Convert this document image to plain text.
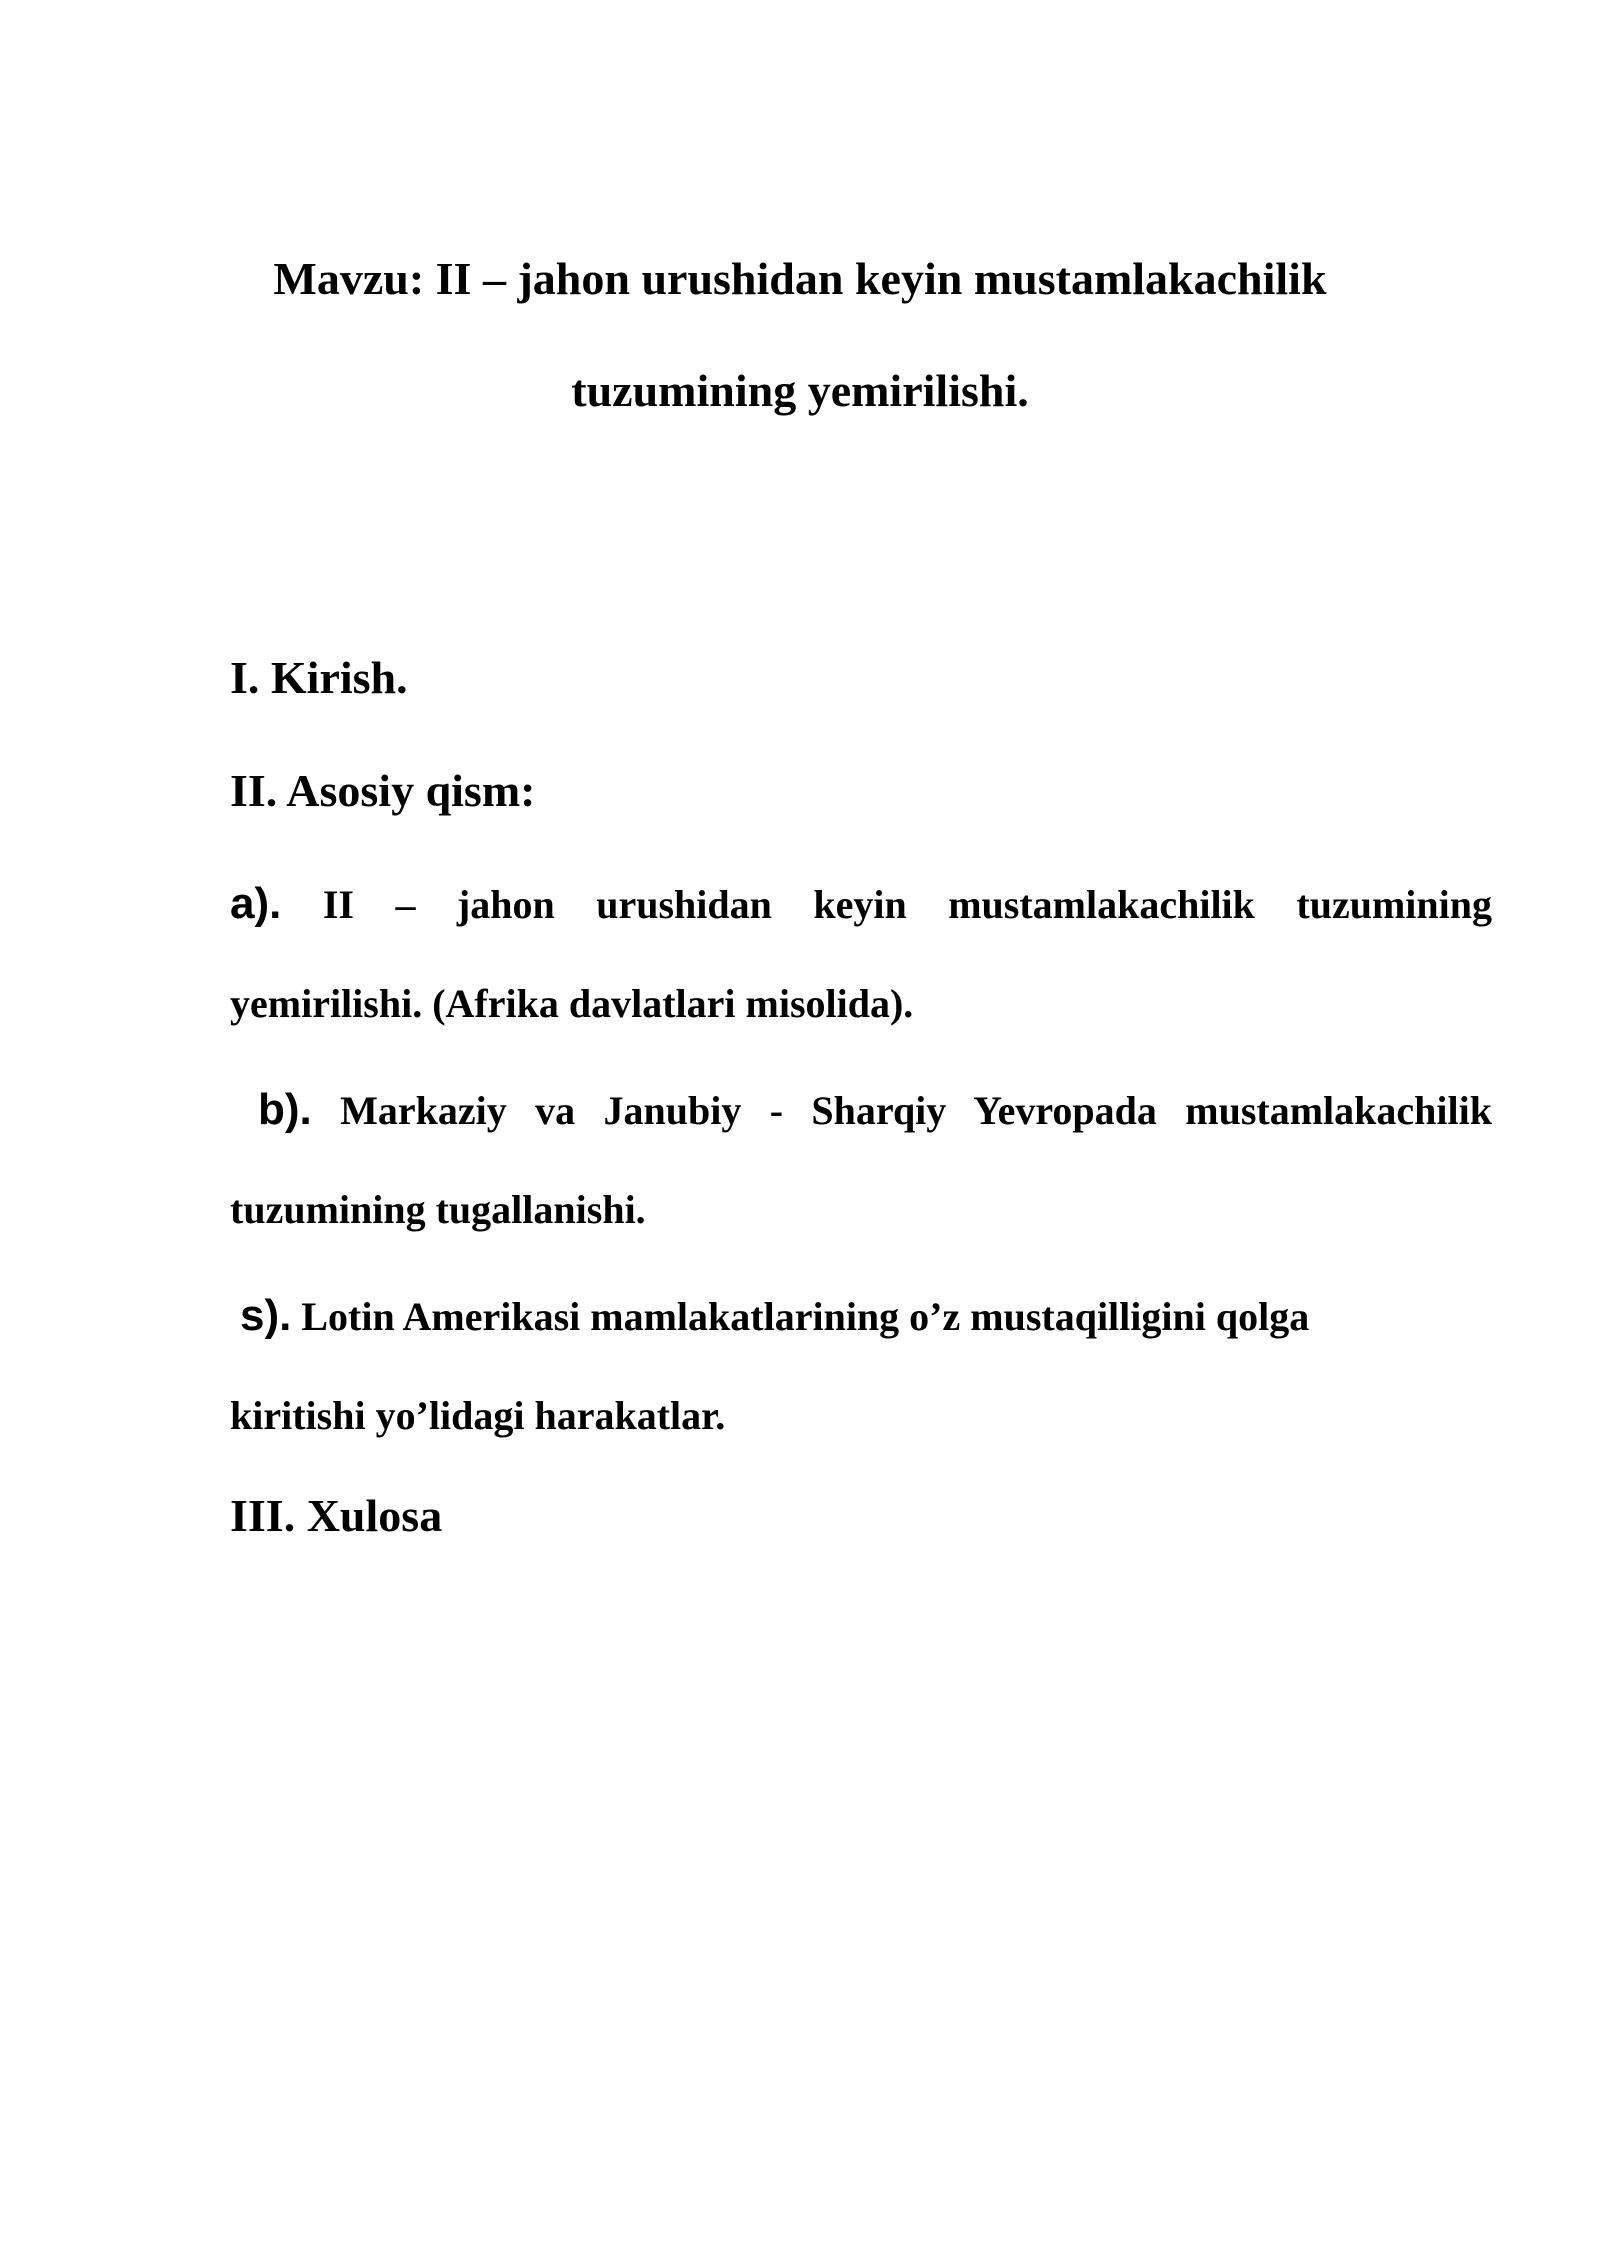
Mavzu: II – jahon urushidan keyin mustamlakachilik
tuzumining yemirilishi.
I. Kirish.
II. Asosiy qism:
a). II – jahon urushidan keyin mustamlakachilik tuzumining
yemirilishi. (Afrika davlatlari misolida).
b). Markaziy va Janubiy - Sharqiy Yevropada mustamlakachilik
tuzumining tugallanishi.
s). Lotin Amerikasi mamlakatlarining o’z mustaqilligini qolga
kiritishi yo’lidagi harakatlar.
III. Xulosa
